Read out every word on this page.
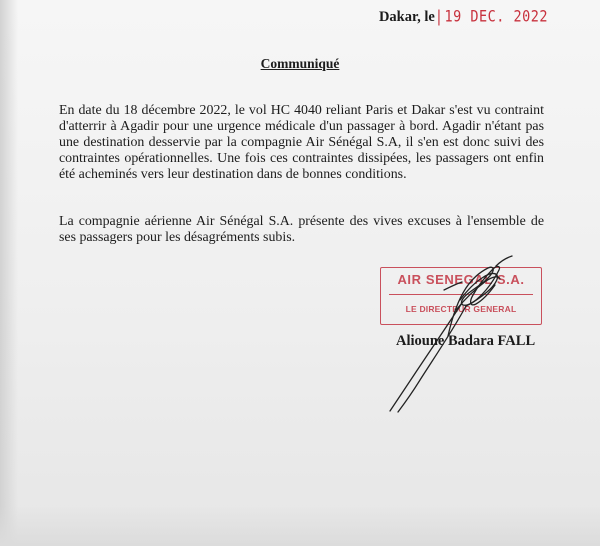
Dakar, le|19 DEC. 2022
Communiqué

En date du 18 décembre 2022, le vol HC 4040 reliant Paris et Dakar s'est vu contraint d'atterrir à Agadir pour une urgence médicale d'un passager à bord. Agadir n'étant pas une destination desservie par la compagnie Air Sénégal S.A, il s'en est donc suivi des contraintes opérationnelles. Une fois ces contraintes dissipées, les passagers ont enfin été acheminés vers leur destination dans de bonnes conditions.

La compagnie aérienne Air Sénégal S.A. présente des vives excuses à l'ensemble de ses passagers pour les désagréments subis.

AIR SENEGAL S.A.
LE DIRECTEUR GENERAL
Alioune Badara FALL
